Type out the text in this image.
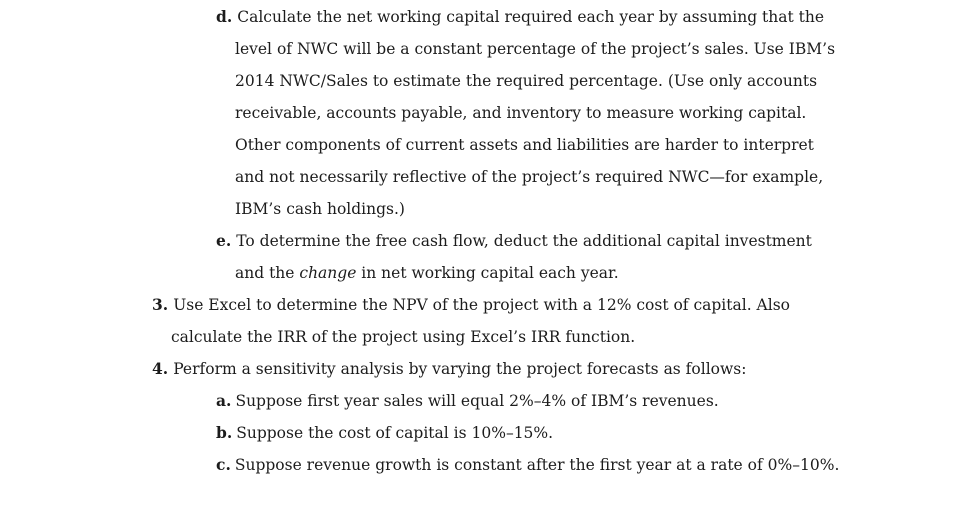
d. Calculate the net working capital required each year by assuming that the
level of NWC will be a constant percentage of the project’s sales. Use IBM’s
2014 NWC/Sales to estimate the required percentage. (Use only accounts
receivable, accounts payable, and inventory to measure working capital.
Other components of current assets and liabilities are harder to interpret
and not necessarily reflective of the project’s required NWC—for example,
IBM’s cash holdings.)
e. To determine the free cash flow, deduct the additional capital investment
and the change in net working capital each year.
3. Use Excel to determine the NPV of the project with a 12% cost of capital. Also
calculate the IRR of the project using Excel’s IRR function.
4. Perform a sensitivity analysis by varying the project forecasts as follows:
a. Suppose first year sales will equal 2%–4% of IBM’s revenues.
b. Suppose the cost of capital is 10%–15%.
c. Suppose revenue growth is constant after the first year at a rate of 0%–10%.
